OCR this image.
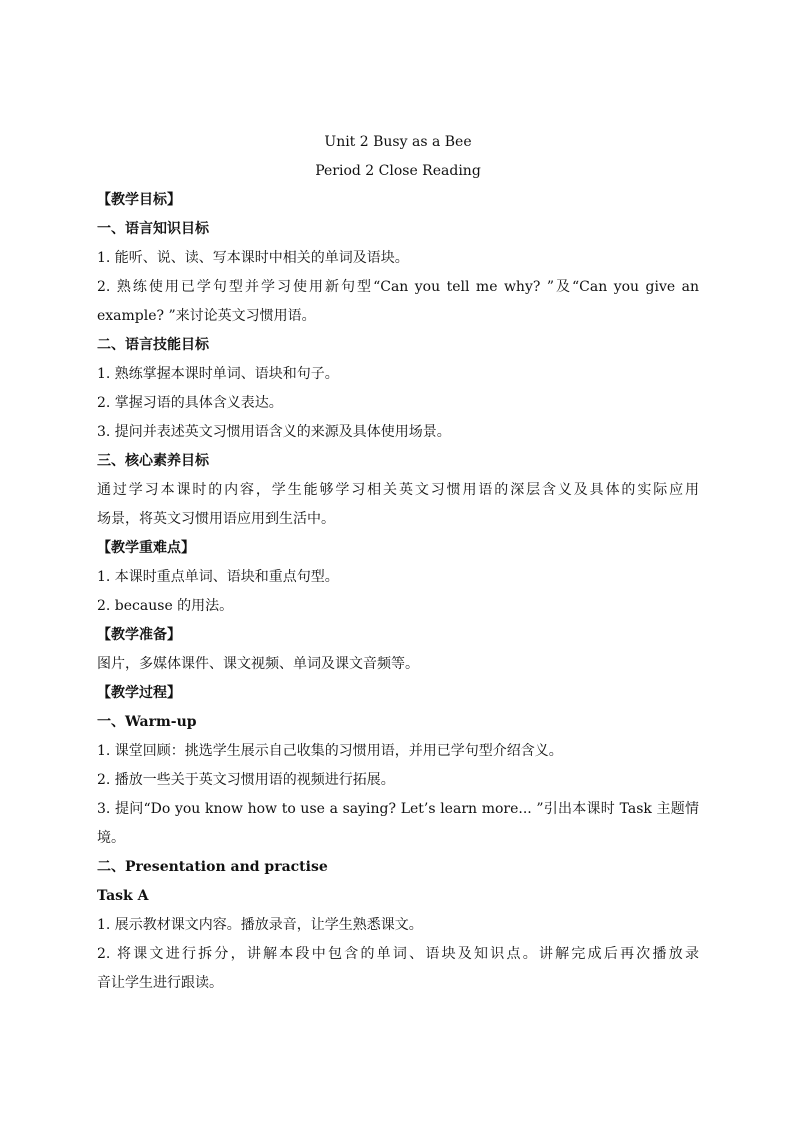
Unit 2 Busy as a Bee
Period 2 Close Reading
【教学目标】
一、语言知识目标
1. 能听、说、读、写本课时中相关的单词及语块。
2. 熟练使用已学句型并学习使用新句型“Can you tell me why? ”及“Can you give an
example? ”来讨论英文习惯用语。
二、语言技能目标
1. 熟练掌握本课时单词、语块和句子。
2. 掌握习语的具体含义表达。
3. 提问并表述英文习惯用语含义的来源及具体使用场景。
三、核心素养目标
通过学习本课时的内容，学生能够学习相关英文习惯用语的深层含义及具体的实际应用
场景，将英文习惯用语应用到生活中。
【教学重难点】
1. 本课时重点单词、语块和重点句型。
2. because 的用法。
【教学准备】
图片，多媒体课件、课文视频、单词及课文音频等。
【教学过程】
一、Warm-up
1. 课堂回顾：挑选学生展示自己收集的习惯用语，并用已学句型介绍含义。
2. 播放一些关于英文习惯用语的视频进行拓展。
3. 提问“Do you know how to use a saying? Let’s learn more... ”引出本课时 Task 主题情
境。
二、Presentation and practise
Task A
1. 展示教材课文内容。播放录音，让学生熟悉课文。
2. 将课文进行拆分，讲解本段中包含的单词、语块及知识点。讲解完成后再次播放录
音让学生进行跟读。
